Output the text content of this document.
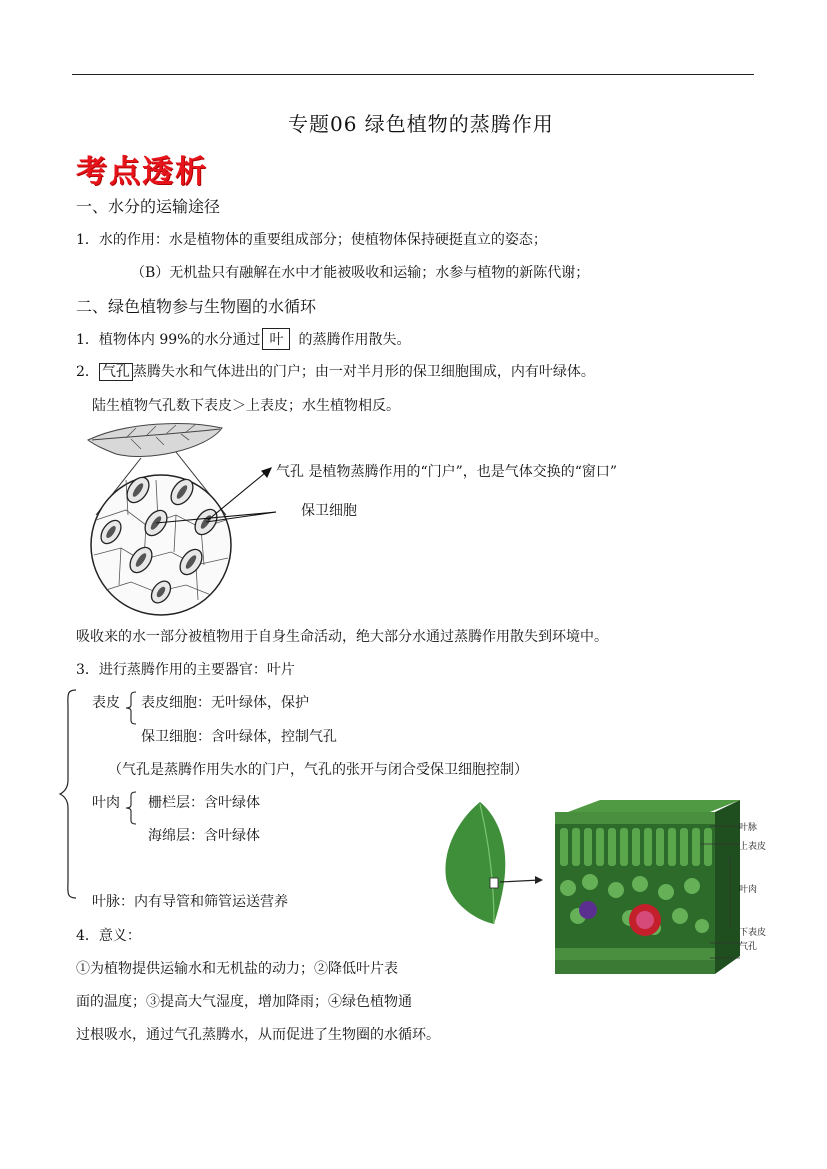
专题06 绿色植物的蒸腾作用
考点透析
一、水分的运输途径
1．水的作用：水是植物体的重要组成部分；使植物体保持硬挺直立的姿态；
（B）无机盐只有融解在水中才能被吸收和运输；水参与植物的新陈代谢；
二、绿色植物参与生物圈的水循环
1．植物体内 99%的水分通过 叶 的蒸腾作用散失。
2． 气孔 蒸腾失水和气体进出的门户；由一对半月形的保卫细胞围成，内有叶绿体。
陆生植物气孔数下表皮＞上表皮；水生植物相反。
气孔 是植物蒸腾作用的“门户”，也是气体交换的“窗口”
保卫细胞
吸收来的水一部分被植物用于自身生命活动，绝大部分水通过蒸腾作用散失到环境中。
3．进行蒸腾作用的主要器官：叶片
表皮 表皮细胞：无叶绿体，保护
保卫细胞：含叶绿体，控制气孔
（气孔是蒸腾作用失水的门户，气孔的张开与闭合受保卫细胞控制）
叶肉 栅栏层：含叶绿体
海绵层：含叶绿体
叶脉：内有导管和筛管运送营养
叶脉
上表皮
叶肉
下表皮
气孔
4．意义：
①为植物提供运输水和无机盐的动力；②降低叶片表
面的温度；③提高大气湿度，增加降雨；④绿色植物通
过根吸水，通过气孔蒸腾水，从而促进了生物圈的水循环。
